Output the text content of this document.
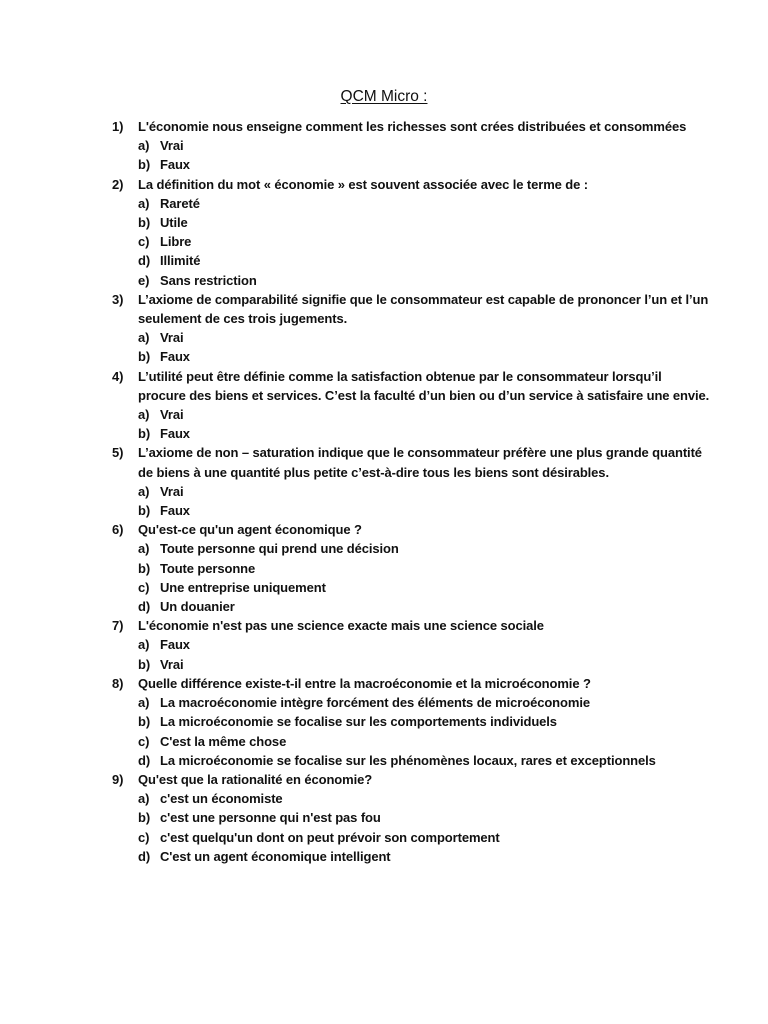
QCM Micro :
1) L'économie nous enseigne comment les richesses sont crées distribuées et consommées
a) Vrai
b) Faux
2) La définition du mot « économie » est souvent associée avec le terme de :
a) Rareté
b) Utile
c) Libre
d) Illimité
e) Sans restriction
3) L’axiome de comparabilité signifie que le consommateur est capable de prononcer l’un et l’un seulement de ces trois jugements.
a) Vrai
b) Faux
4) L’utilité peut être définie comme la satisfaction obtenue par le consommateur lorsqu’il procure des biens et services. C’est la faculté d’un bien ou d’un service à satisfaire une envie.
a) Vrai
b) Faux
5) L’axiome de non – saturation indique que le consommateur préfère une plus grande quantité de biens à une quantité plus petite c’est-à-dire tous les biens sont désirables.
a) Vrai
b) Faux
6) Qu'est-ce qu'un agent économique ?
a) Toute personne qui prend une décision
b) Toute personne
c) Une entreprise uniquement
d) Un douanier
7) L'économie n'est pas une science exacte mais une science sociale
a) Faux
b) Vrai
8) Quelle différence existe-t-il entre la macroéconomie et la microéconomie ?
a) La macroéconomie intègre forcément des éléments de microéconomie
b) La microéconomie se focalise sur les comportements individuels
c) C'est la même chose
d) La microéconomie se focalise sur les phénomènes locaux, rares et exceptionnels
9) Qu'est que la rationalité en économie?
a) c'est un économiste
b) c'est une personne qui n'est pas fou
c) c'est quelqu'un dont on peut prévoir son comportement
d) C'est un agent économique intelligent
